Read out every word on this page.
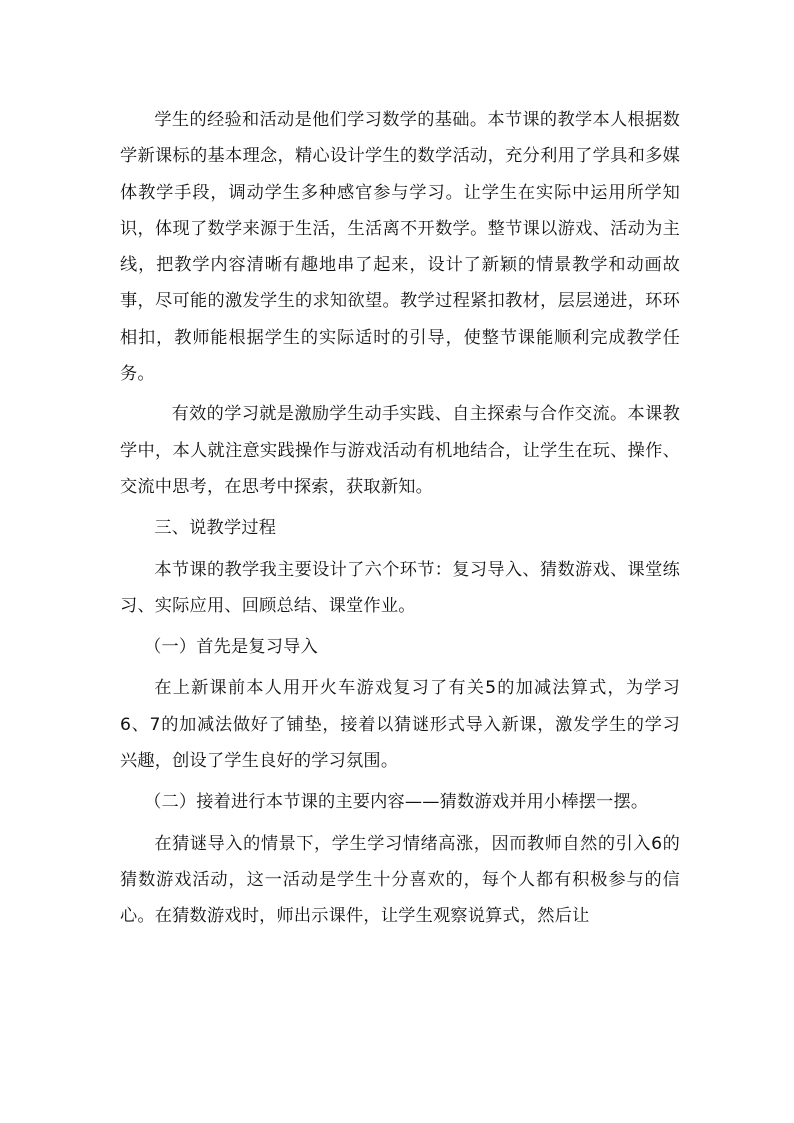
学生的经验和活动是他们学习数学的基础。本节课的教学本人根据数学新课标的基本理念，精心设计学生的数学活动，充分利用了学具和多媒体教学手段，调动学生多种感官参与学习。让学生在实际中运用所学知识，体现了数学来源于生活，生活离不开数学。整节课以游戏、活动为主线，把教学内容清晰有趣地串了起来，设计了新颖的情景教学和动画故事，尽可能的激发学生的求知欲望。教学过程紧扣教材，层层递进，环环相扣，教师能根据学生的实际适时的引导，使整节课能顺利完成教学任务。

有效的学习就是激励学生动手实践、自主探索与合作交流。本课教学中，本人就注意实践操作与游戏活动有机地结合，让学生在玩、操作、交流中思考，在思考中探索，获取新知。

三、说教学过程

本节课的教学我主要设计了六个环节：复习导入、猜数游戏、课堂练习、实际应用、回顾总结、课堂作业。

（一）首先是复习导入

在上新课前本人用开火车游戏复习了有关5的加减法算式，为学习6、7的加减法做好了铺垫，接着以猜谜形式导入新课，激发学生的学习兴趣，创设了学生良好的学习氛围。

（二）接着进行本节课的主要内容——猜数游戏并用小棒摆一摆。

在猜谜导入的情景下，学生学习情绪高涨，因而教师自然的引入6的猜数游戏活动，这一活动是学生十分喜欢的，每个人都有积极参与的信心。在猜数游戏时，师出示课件，让学生观察说算式，然后让
